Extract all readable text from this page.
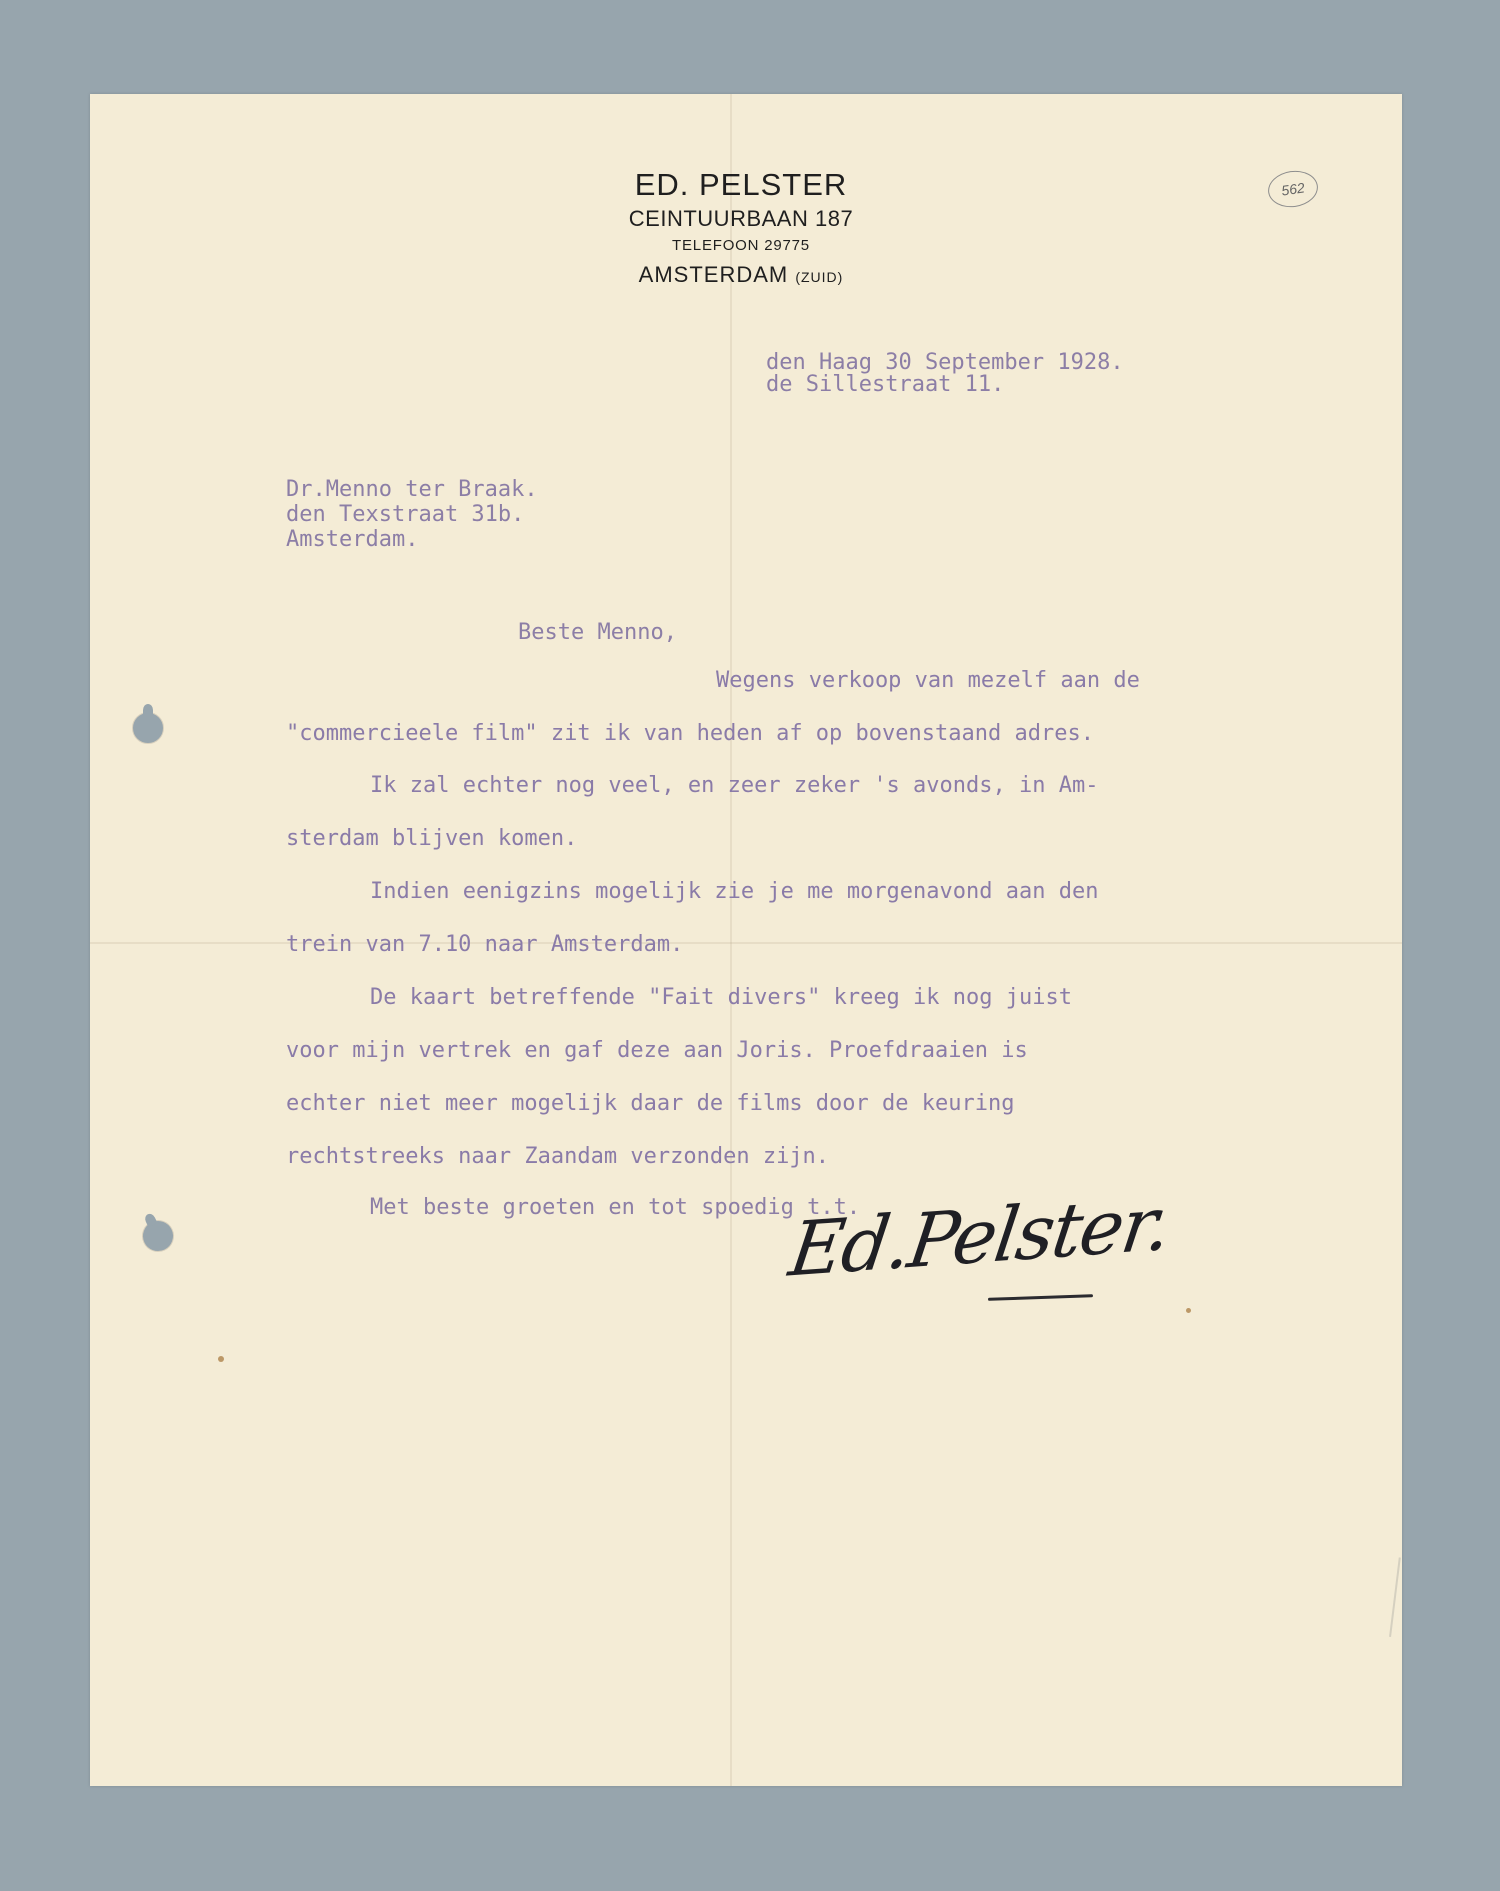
ED. PELSTER
CEINTUURBAAN 187
TELEFOON 29775
AMSTERDAM (ZUID)
562
den Haag 30 September 1928.
de Sillestraat 11.
Dr.Menno ter Braak.
den Texstraat 31b.
Amsterdam.
Beste Menno,
Wegens verkoop van mezelf aan de
"commercieele film" zit ik van heden af op bovenstaand adres.
Ik zal echter nog veel, en zeer zeker 's avonds, in Am-
sterdam blijven komen.
Indien eenigzins mogelijk zie je me morgenavond aan den
trein van 7.10 naar Amsterdam.
De kaart betreffende "Fait divers" kreeg ik nog juist
voor mijn vertrek en gaf deze aan Joris. Proefdraaien is
echter niet meer mogelijk daar de films door de keuring
rechtstreeks naar Zaandam verzonden zijn.
Met beste groeten en tot spoedig t.t.
Ed.Pelster.
